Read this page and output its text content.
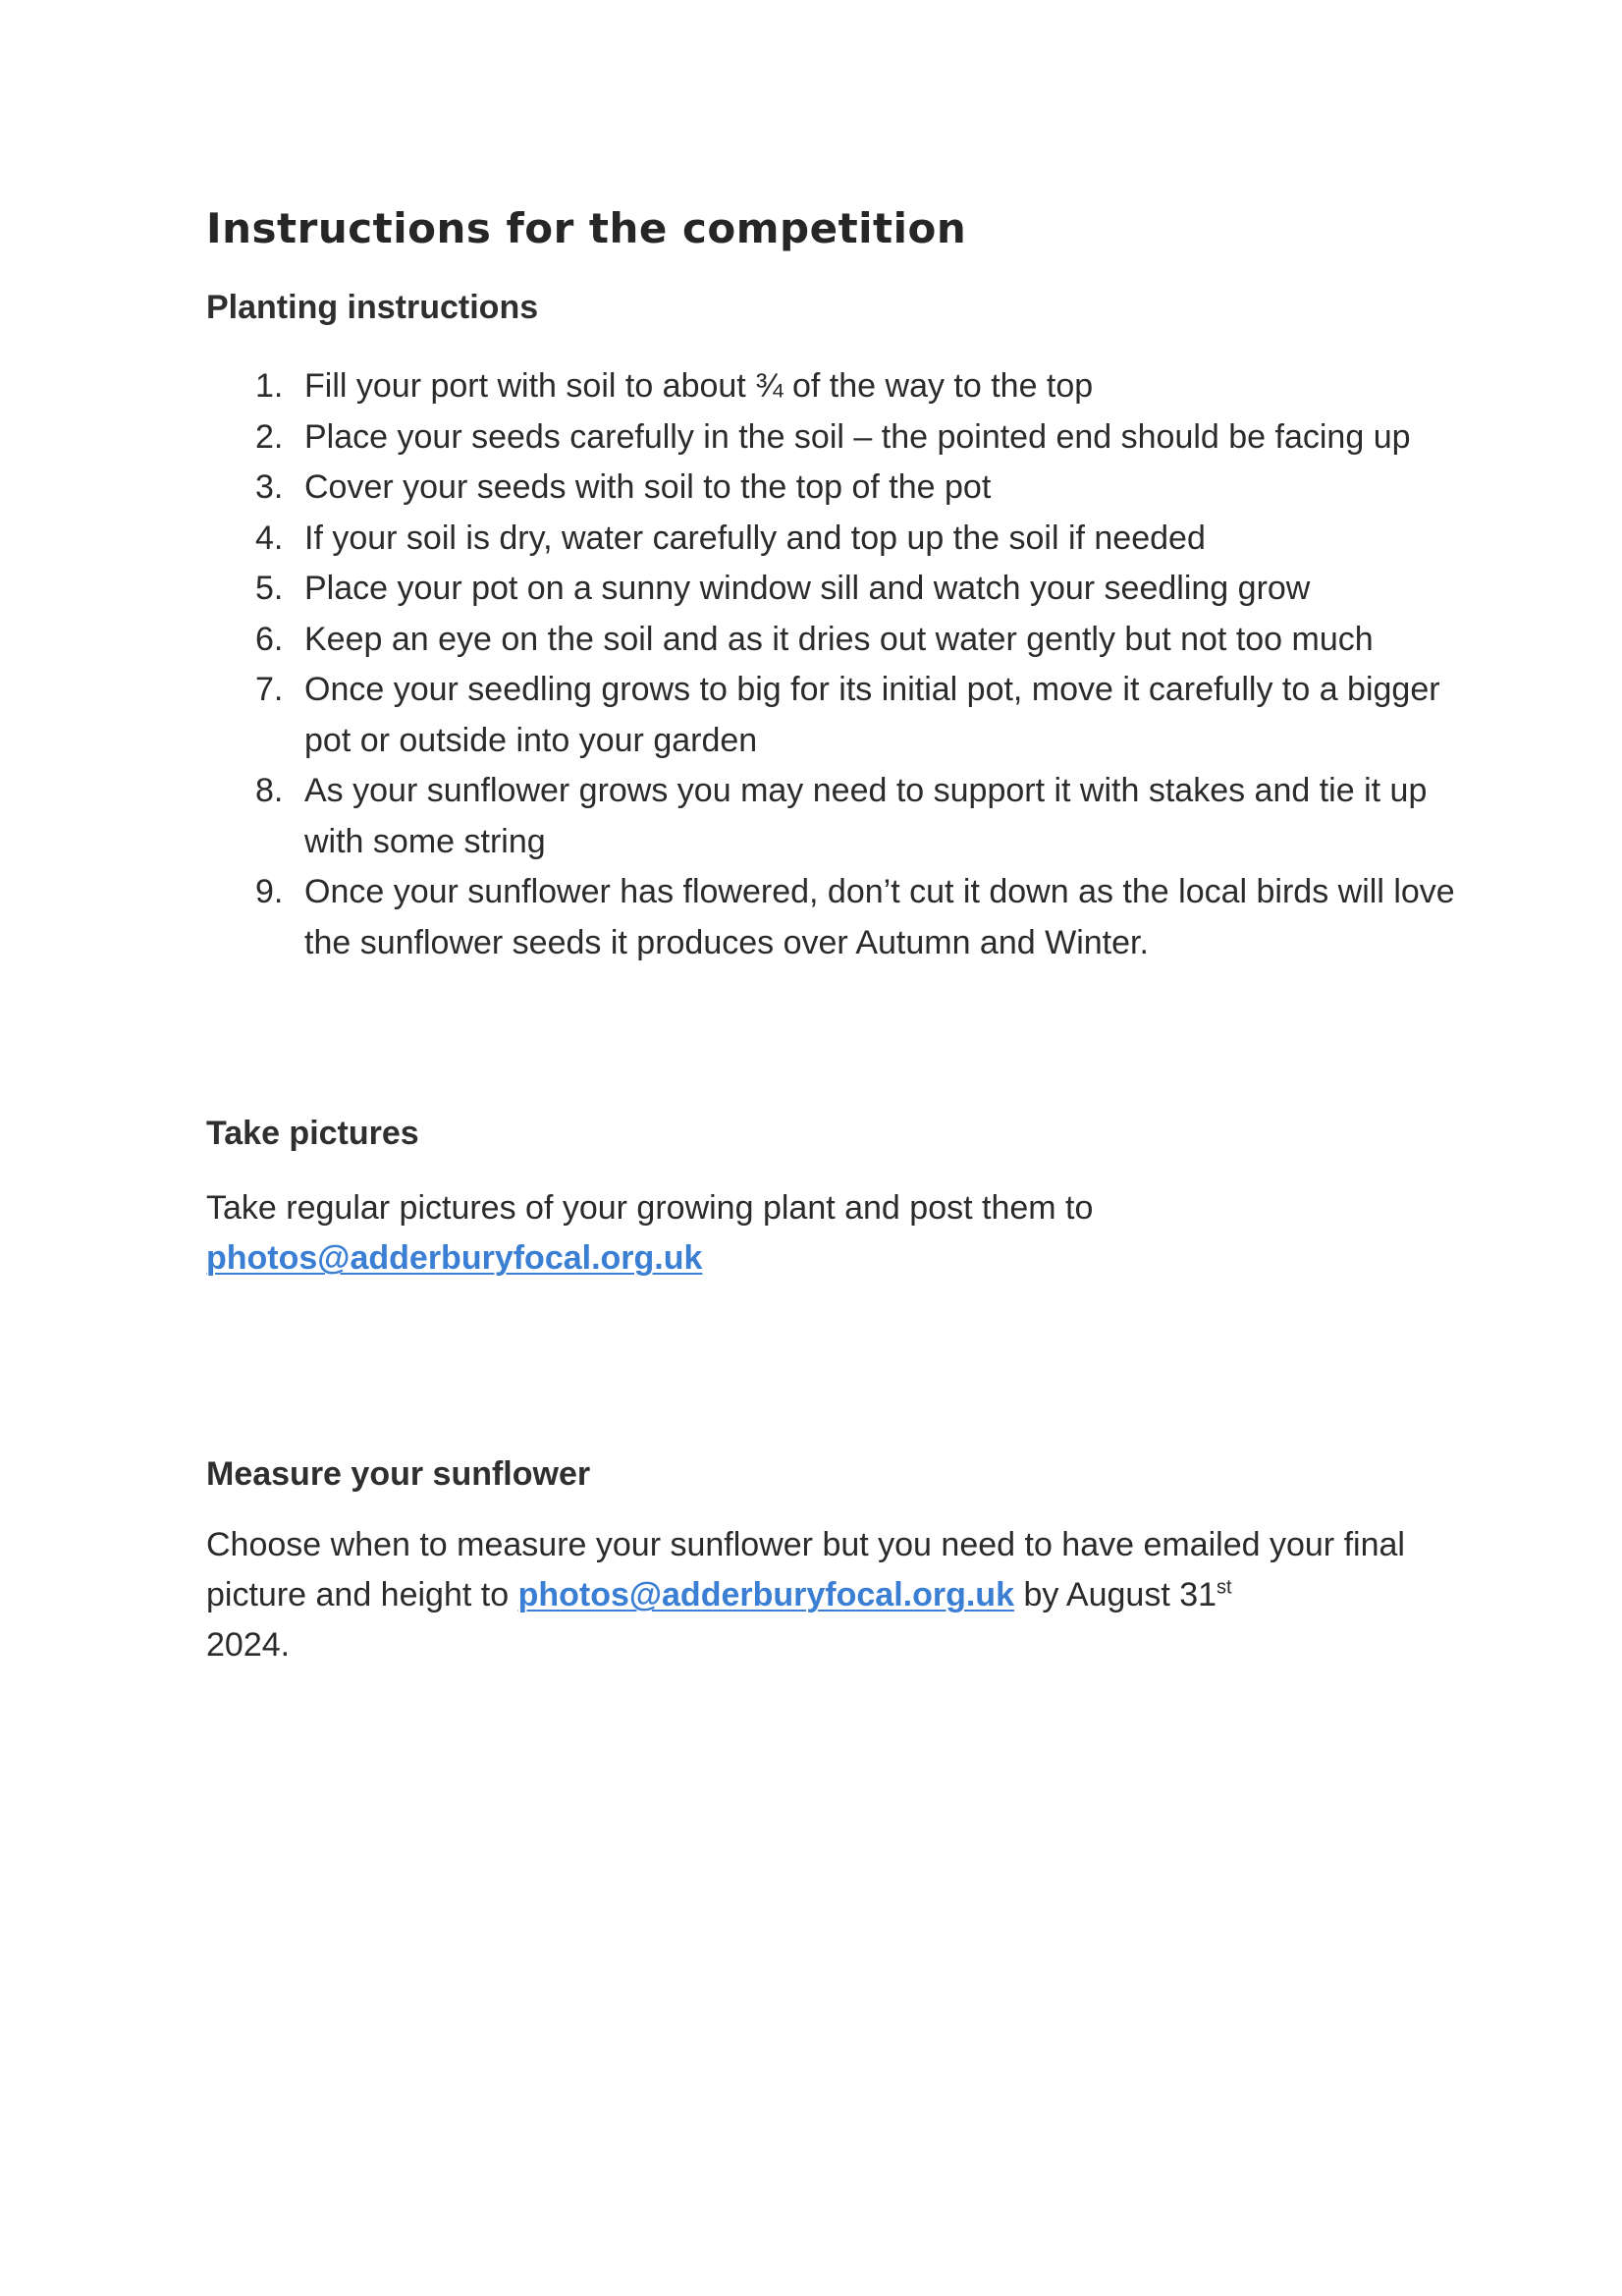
Instructions for the competition
Planting instructions
1. Fill your port with soil to about ¾ of the way to the top
2. Place your seeds carefully in the soil – the pointed end should be facing up
3. Cover your seeds with soil to the top of the pot
4. If your soil is dry, water carefully and top up the soil if needed
5. Place your pot on a sunny window sill and watch your seedling grow
6. Keep an eye on the soil and as it dries out water gently but not too much
7. Once your seedling grows to big for its initial pot, move it carefully to a bigger pot or outside into your garden
8. As your sunflower grows you may need to support it with stakes and tie it up with some string
9. Once your sunflower has flowered, don’t cut it down as the local birds will love the sunflower seeds it produces over Autumn and Winter.
Take pictures

Take regular pictures of your growing plant and post them to
photos@adderburyfocal.org.uk

Measure your sunflower

Choose when to measure your sunflower but you need to have emailed your final picture and height to photos@adderburyfocal.org.uk by August 31st
2024.
